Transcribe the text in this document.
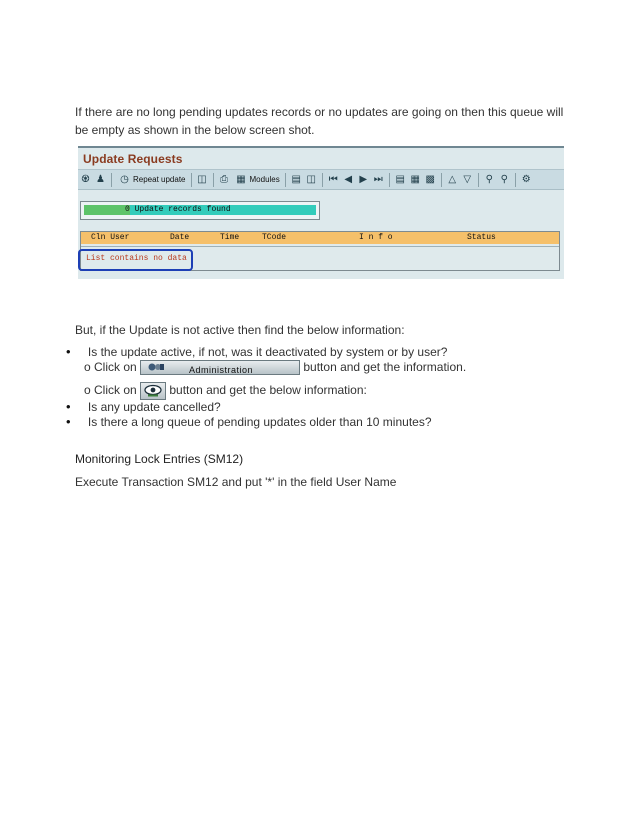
If there are no long pending updates records or no updates are going on then this queue will be empty as shown in the below screen shot.
Update Requests
♼ ♟ ◷ Repeat update ◫ ⎙ ▦ Modules ▤ ◫ ⏮ ◀ ▶ ⏭ ▤ ▦ ▩ △ ▽ ⚲ ⚲ ⚙
0 Update records found
Cln User	Date	Time	TCode	I n f o	Status
List contains no data
But, if the Update is not active then find the below information:
• Is the update active, if not, was it deactivated by system or by user?
o Click on	Administration	button and get the information.
o Click on	button and get the below information:
• Is any update cancelled?
• Is there a long queue of pending updates older than 10 minutes?
Monitoring Lock Entries (SM12)
Execute Transaction SM12 and put '*' in the field User Name
